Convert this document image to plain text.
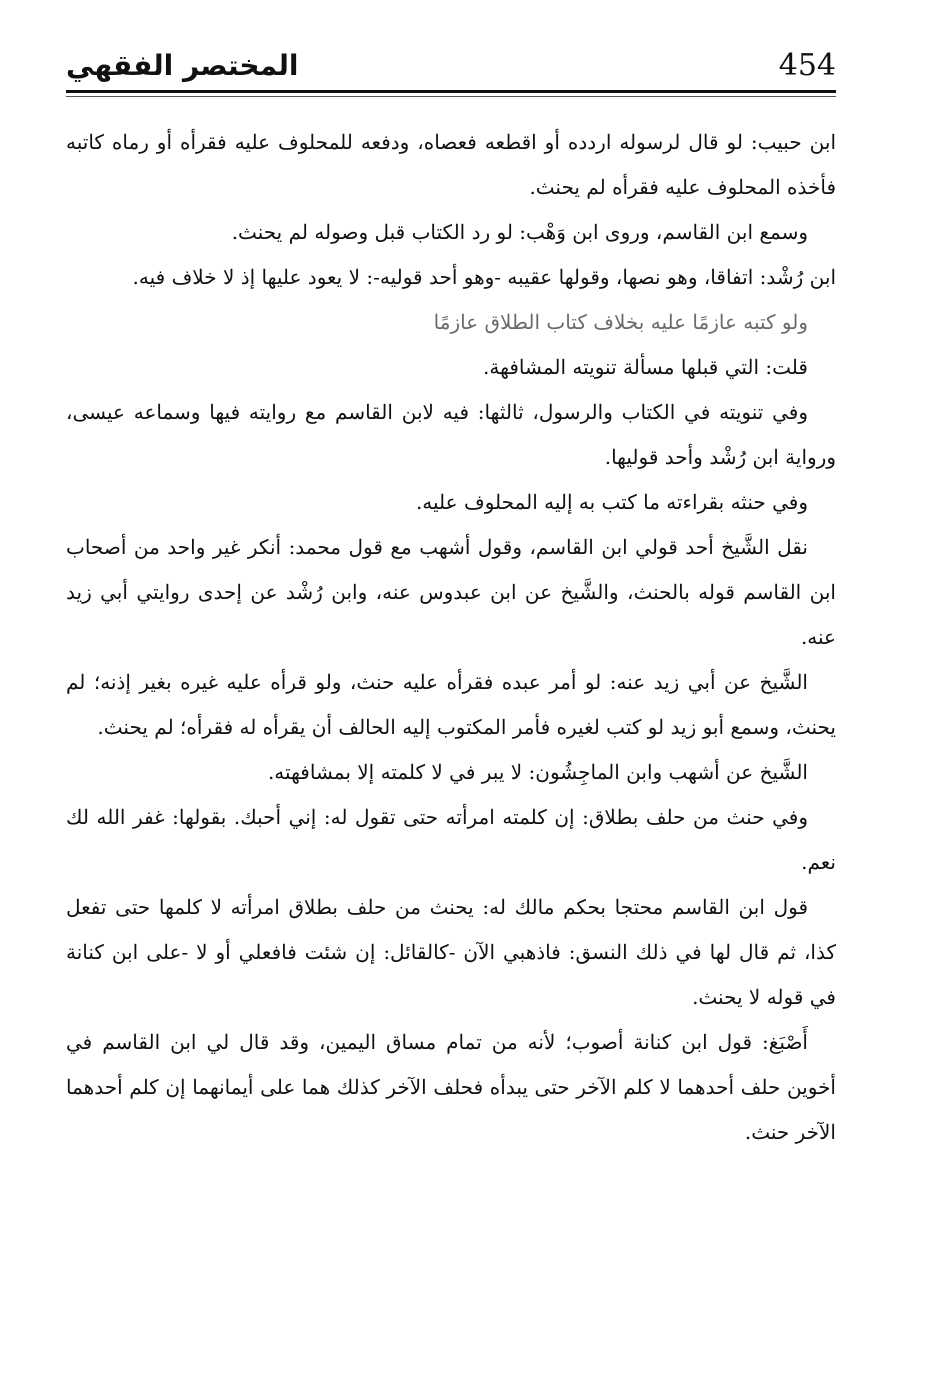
454
المختصر الفقهي

ابن حبيب: لو قال لرسوله اردده أو اقطعه فعصاه، ودفعه للمحلوف عليه فقرأه أو رماه كاتبه فأخذه المحلوف عليه فقرأه لم يحنث.

وسمع ابن القاسم، وروى ابن وَهْب: لو رد الكتاب قبل وصوله لم يحنث.

ابن رُشْد: اتفاقا، وهو نصها، وقولها عقيبه -وهو أحد قوليه-: لا يعود عليها إذ لا خلاف فيه.

ولو كتبه عازمًا عليه بخلاف كتاب الطلاق عازمًا

قلت: التي قبلها مسألة تنويته المشافهة.

وفي تنويته في الكتاب والرسول، ثالثها: فيه لابن القاسم مع روايته فيها وسماعه عيسى، ورواية ابن رُشْد وأحد قوليها.

وفي حنثه بقراءته ما كتب به إليه المحلوف عليه.

نقل الشَّيخ أحد قولي ابن القاسم، وقول أشهب مع قول محمد: أنكر غير واحد من أصحاب ابن القاسم قوله بالحنث، والشَّيخ عن ابن عبدوس عنه، وابن رُشْد عن إحدى روايتي أبي زيد عنه.

الشَّيخ عن أبي زيد عنه: لو أمر عبده فقرأه عليه حنث، ولو قرأه عليه غيره بغير إذنه؛ لم يحنث، وسمع أبو زيد لو كتب لغيره فأمر المكتوب إليه الحالف أن يقرأه له فقرأه؛ لم يحنث.

الشَّيخ عن أشهب وابن الماجِشُون: لا يبر في لا كلمته إلا بمشافهته.

وفي حنث من حلف بطلاق: إن كلمته امرأته حتى تقول له: إني أحبك. بقولها: غفر الله لك نعم.

قول ابن القاسم محتجا بحكم مالك له: يحنث من حلف بطلاق امرأته لا كلمها حتى تفعل كذا، ثم قال لها في ذلك النسق: فاذهبي الآن -كالقائل: إن شئت فافعلي أو لا -على ابن كنانة في قوله لا يحنث.

أَصْبَغ: قول ابن كنانة أصوب؛ لأنه من تمام مساق اليمين، وقد قال لي ابن القاسم في أخوين حلف أحدهما لا كلم الآخر حتى يبدأه فحلف الآخر كذلك هما على أيمانهما إن كلم أحدهما الآخر حنث.
